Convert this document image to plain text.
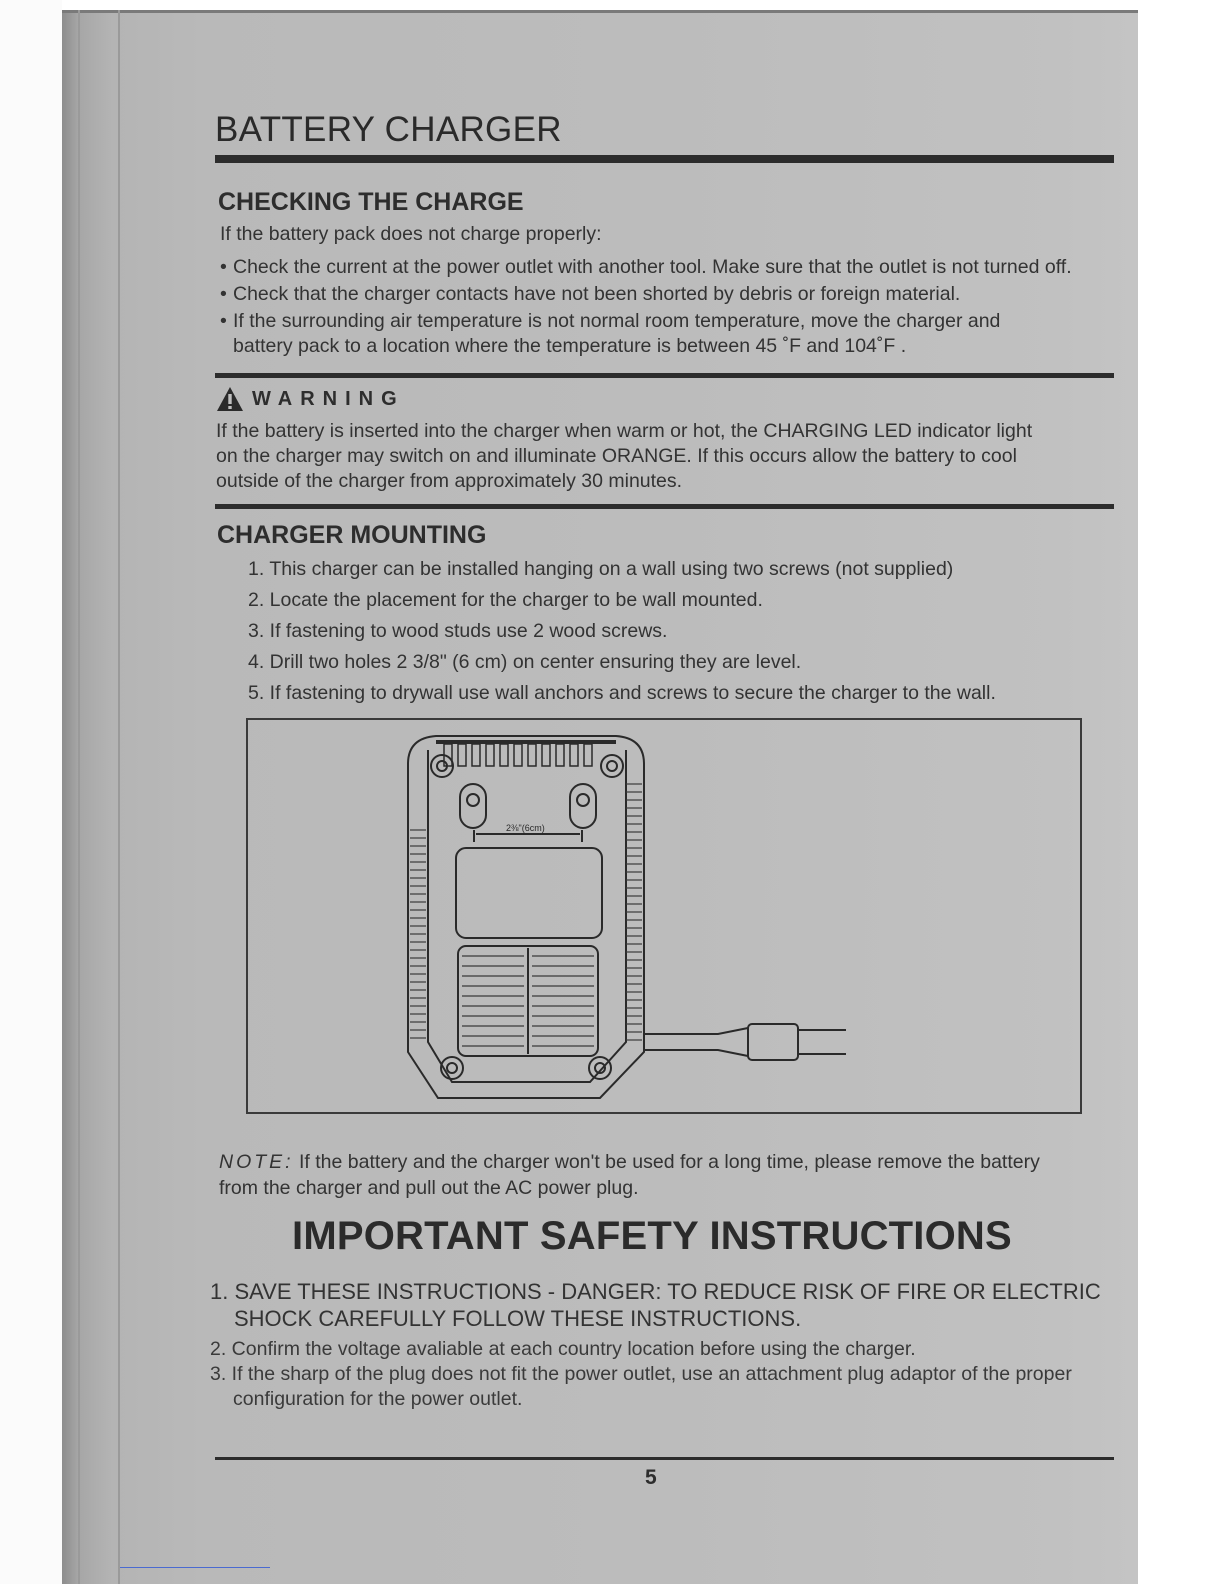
BATTERY CHARGER
CHECKING THE CHARGE
If the battery pack does not charge properly:
• Check the current at the power outlet with another tool. Make sure that the outlet is not turned off.
• Check that the charger contacts have not been shorted by debris or foreign material.
• If the surrounding air temperature is not normal room temperature, move the charger and
battery pack to a location where the temperature is between 45 ˚F and 104˚F .
WARNING
If the battery is inserted into the charger when warm or hot, the CHARGING LED indicator light
on the charger may switch on and illuminate ORANGE. If this occurs allow the battery to cool
outside of the charger from approximately 30 minutes.
CHARGER MOUNTING
1. This charger can be installed hanging on a wall using two screws (not supplied)
2. Locate the placement for the charger to be wall mounted.
3. If fastening to wood studs use 2 wood screws.
4. Drill two holes 2 3/8" (6 cm) on center ensuring they are level.
5. If fastening to drywall use wall anchors and screws to secure the charger to the wall.
2⅜"(6cm)
NOTE: If the battery and the charger won't be used for a long time, please remove the battery
from the charger and pull out the AC power plug.
IMPORTANT SAFETY INSTRUCTIONS
1. SAVE THESE INSTRUCTIONS - DANGER: TO REDUCE RISK OF FIRE OR ELECTRIC
SHOCK CAREFULLY FOLLOW THESE INSTRUCTIONS.
2. Confirm the voltage avaliable at each country location before using the charger.
3. If the sharp of the plug does not fit the power outlet, use an attachment plug adaptor of the proper
configuration for the power outlet.
5
